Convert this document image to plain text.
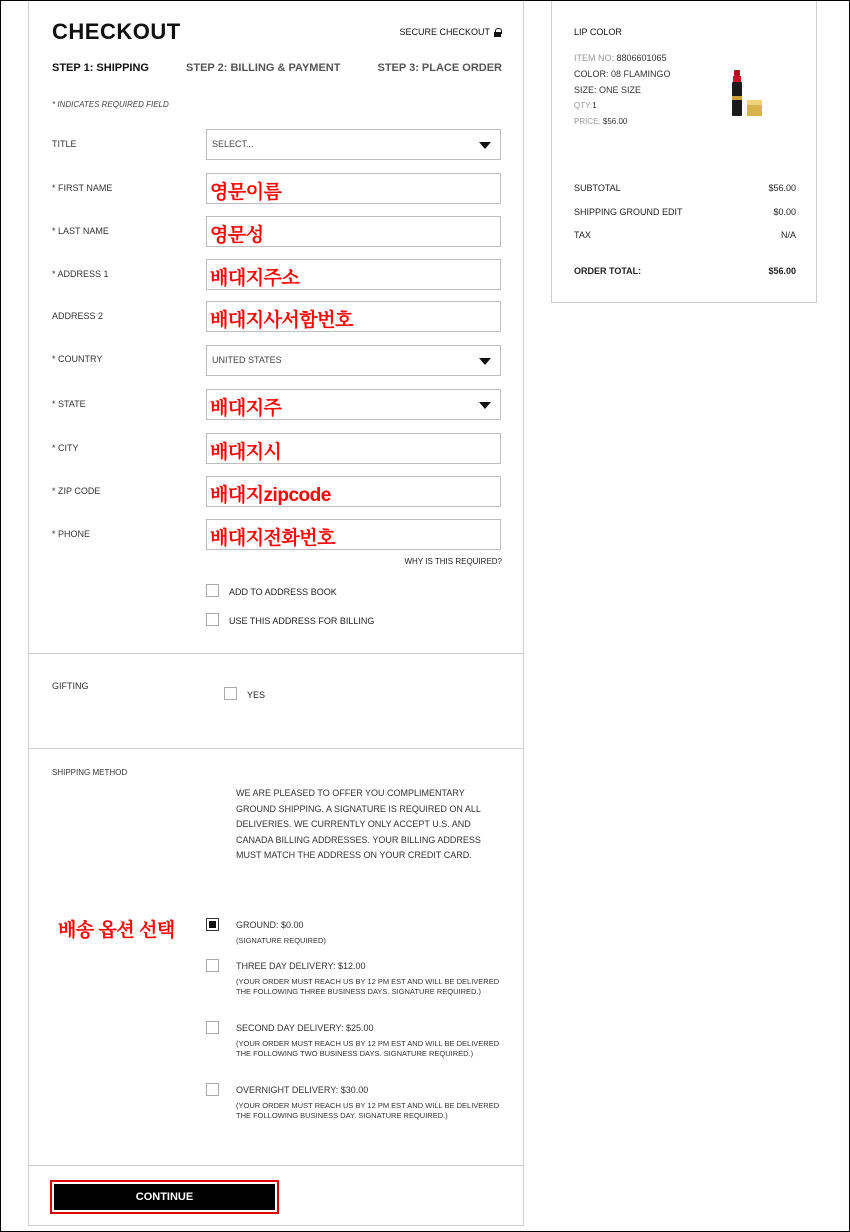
CHECKOUT	SECURE CHECKOUT
STEP 1: SHIPPING	STEP 2: BILLING & PAYMENT	STEP 3: PLACE ORDER
* INDICATES REQUIRED FIELD
TITLE	SELECT...
* FIRST NAME	영문이름
* LAST NAME	영문성
* ADDRESS 1	배대지주소
ADDRESS 2	배대지사서함번호
* COUNTRY	UNITED STATES
* STATE	배대지주
* CITY	배대지시
* ZIP CODE	배대지zipcode
* PHONE	배대지전화번호
WHY IS THIS REQUIRED?
ADD TO ADDRESS BOOK
USE THIS ADDRESS FOR BILLING
GIFTING
YES
SHIPPING METHOD
WE ARE PLEASED TO OFFER YOU COMPLIMENTARY GROUND SHIPPING. A SIGNATURE IS REQUIRED ON ALL DELIVERIES. WE CURRENTLY ONLY ACCEPT U.S. AND CANADA BILLING ADDRESSES. YOUR BILLING ADDRESS MUST MATCH THE ADDRESS ON YOUR CREDIT CARD.
배송 옵션 선택	GROUND: $0.00
(SIGNATURE REQUIRED)
THREE DAY DELIVERY: $12.00
(YOUR ORDER MUST REACH US BY 12 PM EST AND WILL BE DELIVERED THE FOLLOWING THREE BUSINESS DAYS. SIGNATURE REQUIRED.)
SECOND DAY DELIVERY: $25.00
(YOUR ORDER MUST REACH US BY 12 PM EST AND WILL BE DELIVERED THE FOLLOWING TWO BUSINESS DAYS. SIGNATURE REQUIRED.)
OVERNIGHT DELIVERY: $30.00
(YOUR ORDER MUST REACH US BY 12 PM EST AND WILL BE DELIVERED THE FOLLOWING BUSINESS DAY. SIGNATURE REQUIRED.)
CONTINUE
LIP COLOR
ITEM NO: 8806601065
COLOR: 08 FLAMINGO
SIZE: ONE SIZE
QTY:1
PRICE: $56.00
SUBTOTAL	$56.00
SHIPPING GROUND EDIT	$0.00
TAX	N/A
ORDER TOTAL:	$56.00
